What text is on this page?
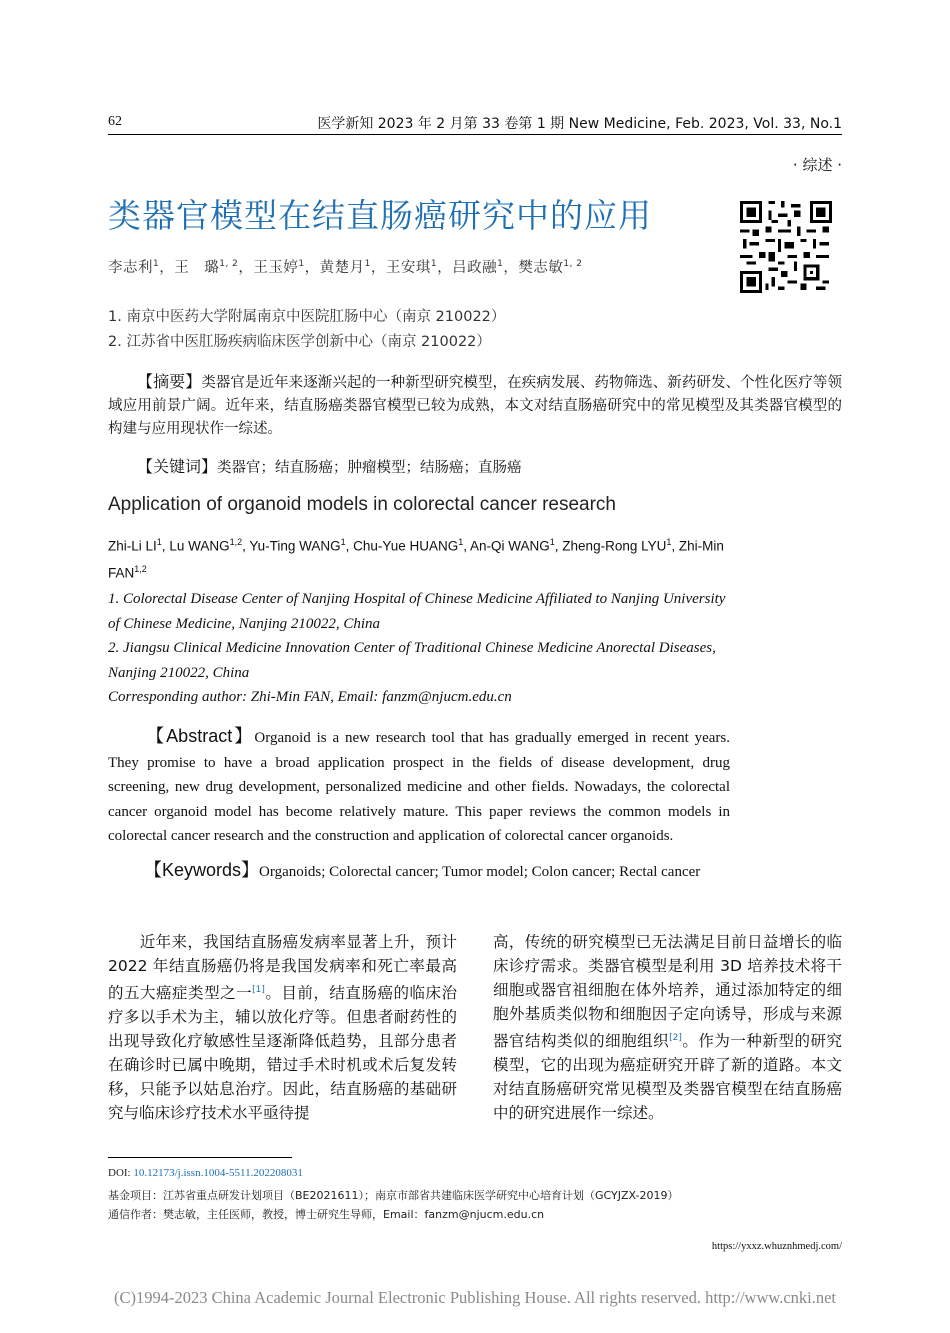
62	医学新知 2023 年 2 月第 33 卷第 1 期 New Medicine, Feb. 2023, Vol. 33, No.1
· 综述 ·
类器官模型在结直肠癌研究中的应用
李志利$^1$，王　璐$^{1, 2}$，王玉婷$^1$，黄楚月$^1$，王安琪$^1$，吕政融$^1$，樊志敏$^{1, 2}$
1. 南京中医药大学附属南京中医院肛肠中心（南京 210022）
2. 江苏省中医肛肠疾病临床医学创新中心（南京 210022）
【摘要】类器官是近年来逐渐兴起的一种新型研究模型，在疾病发展、药物筛选、新药研发、个性化医疗等领域应用前景广阔。近年来，结直肠癌类器官模型已较为成熟，本文对结直肠癌研究中的常见模型及其类器官模型的构建与应用现状作一综述。
【关键词】类器官；结直肠癌；肿瘤模型；结肠癌；直肠癌
Application of organoid models in colorectal cancer research
Zhi-Li $LI^1$, Lu WANG$^{1,2}$, Yu-Ting WANG$^1$, Chu-Yue HUANG$^1$, An-Qi WANG$^1$, Zheng-Rong LYU$^1$, Zhi-Min FAN$^{1,2}$
1. Colorectal Disease Center of Nanjing Hospital of Chinese Medicine Affiliated to Nanjing University of Chinese Medicine, Nanjing 210022, China
2. Jiangsu Clinical Medicine Innovation Center of Traditional Chinese Medicine Anorectal Diseases, Nanjing 210022, China
Corresponding author: Zhi-Min FAN, Email: fanzm@njucm.edu.cn
【Abstract】Organoid is a new research tool that has gradually emerged in recent years. They promise to have a broad application prospect in the fields of disease development, drug screening, new drug development, personalized medicine and other fields. Nowadays, the colorectal cancer organoid model has become relatively mature. This paper reviews the common models in colorectal cancer research and the construction and application of colorectal cancer organoids.
【Keywords】Organoids; Colorectal cancer; Tumor model; Colon cancer; Rectal cancer
　　近年来，我国结直肠癌发病率显著上升，预计 2022 年结直肠癌仍将是我国发病率和死亡率最高的五大癌症类型之一[1]。目前，结直肠癌的临床治疗多以手术为主，辅以放化疗等。但患者耐药性的出现导致化疗敏感性呈逐渐降低趋势，且部分患者在确诊时已属中晚期，错过手术时机或术后复发转移，只能予以姑息治疗。因此，结直肠癌的基础研究与临床诊疗技术水平亟待提
高，传统的研究模型已无法满足目前日益增长的临床诊疗需求。类器官模型是利用 3D 培养技术将干细胞或器官祖细胞在体外培养，通过添加特定的细胞外基质类似物和细胞因子定向诱导，形成与来源器官结构类似的细胞组织[2]。作为一种新型的研究模型，它的出现为癌症研究开辟了新的道路。本文对结直肠癌研究常见模型及类器官模型在结直肠癌中的研究进展作一综述。
DOI: 10.12173/j.issn.1004-5511.202208031
基金项目：江苏省重点研发计划项目（BE2021611）；南京市部省共建临床医学研究中心培育计划（GCYJZX-2019）
通信作者：樊志敏，主任医师，教授，博士研究生导师，Email：fanzm@njucm.edu.cn
https://yxxz.whuznhmedj.com/
(C)1994-2023 China Academic Journal Electronic Publishing House. All rights reserved. http://www.cnki.net
